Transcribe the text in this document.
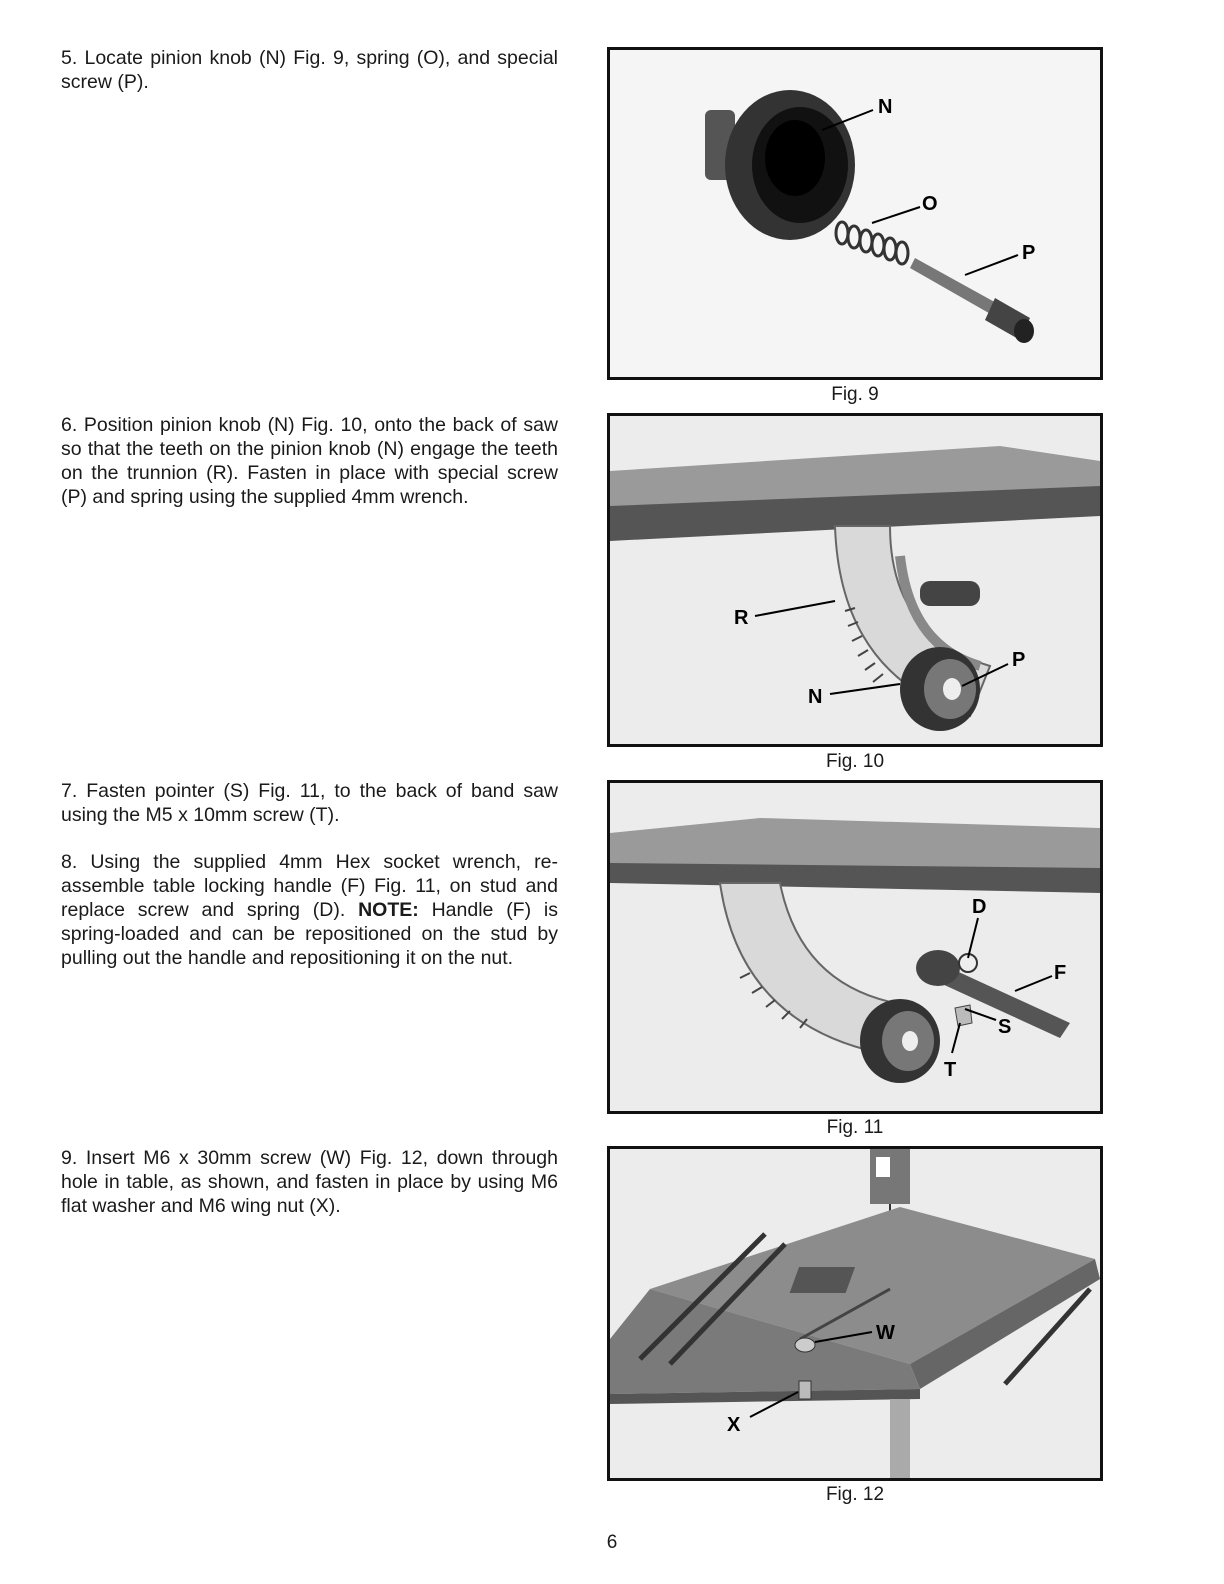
5. Locate pinion knob (N) Fig. 9, spring (O), and special screw (P).

6. Position pinion knob (N) Fig. 10, onto the back of saw so that the teeth on the pinion knob (N) engage the teeth on the trunnion (R). Fasten in place with special screw (P) and spring using the supplied 4mm wrench.

7. Fasten pointer (S) Fig. 11, to the back of band saw using the M5 x 10mm screw (T).

8. Using the supplied 4mm Hex socket wrench, re-assemble table locking handle (F) Fig. 11, on stud and replace screw and spring (D). NOTE: Handle (F) is spring-loaded and can be repositioned on the stud by pulling out the handle and repositioning it on the nut.

9. Insert M6 x 30mm screw (W) Fig. 12, down through hole in table, as shown, and fasten in place by using M6 flat washer and M6 wing nut (X).

N
O
P
Fig. 9
R
P
N
Fig. 10
D
F
S
T
Fig. 11
W
X
Fig. 12
6
